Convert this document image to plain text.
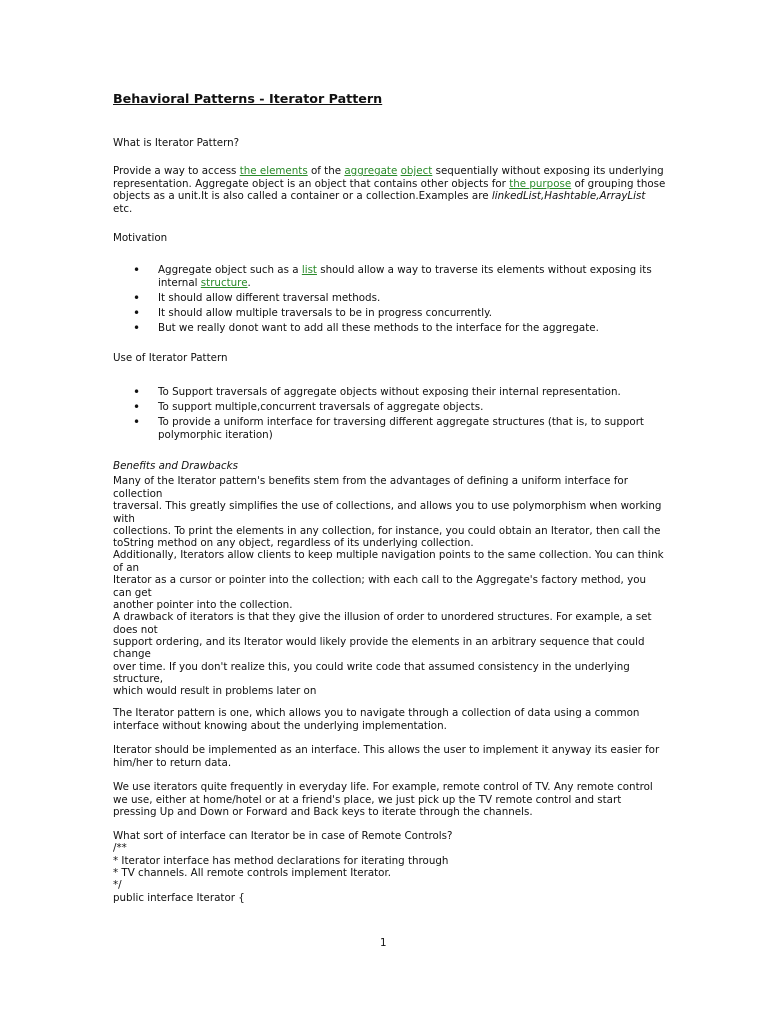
Behavioral Patterns - Iterator Pattern

What is Iterator Pattern?

Provide a way to access the elements of the aggregate object sequentially without exposing its underlying

representation. Aggregate object is an object that contains other objects for the purpose of grouping those

objects as a unit.It is also called a container or a collection.Examples are linkedList,Hashtable,ArrayList

etc.

Motivation

• Aggregate object such as a list should allow a way to traverse its elements without exposing its
internal structure.
• It should allow different traversal methods.
• It should allow multiple traversals to be in progress concurrently.
• But we really donot want to add all these methods to the interface for the aggregate.

Use of Iterator Pattern

• To Support traversals of aggregate objects without exposing their internal representation.
• To support multiple,concurrent traversals of aggregate objects.
• To provide a uniform interface for traversing different aggregate structures (that is, to support
polymorphic iteration)

Benefits and Drawbacks

Many of the Iterator pattern's benefits stem from the advantages of defining a uniform interface for

collection

traversal. This greatly simplifies the use of collections, and allows you to use polymorphism when working

with

collections. To print the elements in any collection, for instance, you could obtain an Iterator, then call the

toString method on any object, regardless of its underlying collection.

Additionally, Iterators allow clients to keep multiple navigation points to the same collection. You can think

of an

Iterator as a cursor or pointer into the collection; with each call to the Aggregate's factory method, you

can get

another pointer into the collection.

A drawback of iterators is that they give the illusion of order to unordered structures. For example, a set

does not

support ordering, and its Iterator would likely provide the elements in an arbitrary sequence that could

change

over time. If you don't realize this, you could write code that assumed consistency in the underlying

structure,

which would result in problems later on

The Iterator pattern is one, which allows you to navigate through a collection of data using a common

interface without knowing about the underlying implementation.

Iterator should be implemented as an interface. This allows the user to implement it anyway its easier for

him/her to return data.

We use iterators quite frequently in everyday life. For example, remote control of TV. Any remote control

we use, either at home/hotel or at a friend's place, we just pick up the TV remote control and start

pressing Up and Down or Forward and Back keys to iterate through the channels.

What sort of interface can Iterator be in case of Remote Controls?

/**

* Iterator interface has method declarations for iterating through

* TV channels. All remote controls implement Iterator.

*/

public interface Iterator {

1
